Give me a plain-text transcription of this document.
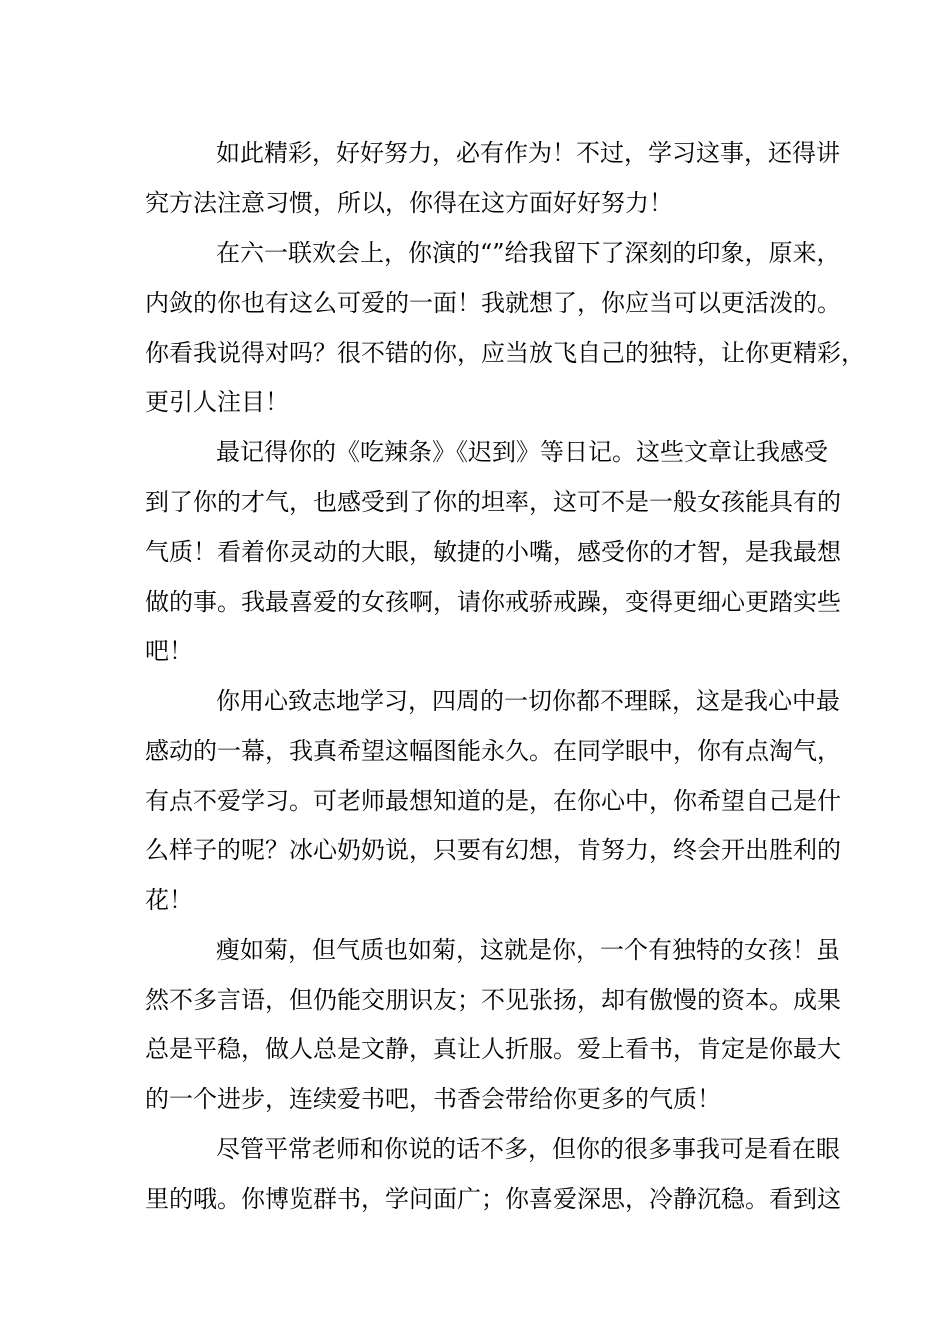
如此精彩，好好努力，必有作为！不过，学习这事，还得讲
究方法注意习惯，所以，你得在这方面好好努力！
在六一联欢会上，你演的“”给我留下了深刻的印象，原来，
内敛的你也有这么可爱的一面！我就想了，你应当可以更活泼的。
你看我说得对吗？很不错的你，应当放飞自己的独特，让你更精彩，
更引人注目！
最记得你的《吃辣条》《迟到》等日记。这些文章让我感受
到了你的才气，也感受到了你的坦率，这可不是一般女孩能具有的
气质！看着你灵动的大眼，敏捷的小嘴，感受你的才智，是我最想
做的事。我最喜爱的女孩啊，请你戒骄戒躁，变得更细心更踏实些
吧！
你用心致志地学习，四周的一切你都不理睬，这是我心中最
感动的一幕，我真希望这幅图能永久。在同学眼中，你有点淘气，
有点不爱学习。可老师最想知道的是，在你心中，你希望自己是什
么样子的呢？冰心奶奶说，只要有幻想，肯努力，终会开出胜利的
花！
瘦如菊，但气质也如菊，这就是你，一个有独特的女孩！虽
然不多言语，但仍能交朋识友；不见张扬，却有傲慢的资本。成果
总是平稳，做人总是文静，真让人折服。爱上看书，肯定是你最大
的一个进步，连续爱书吧，书香会带给你更多的气质！
尽管平常老师和你说的话不多，但你的很多事我可是看在眼
里的哦。你博览群书，学问面广；你喜爱深思，冷静沉稳。看到这
